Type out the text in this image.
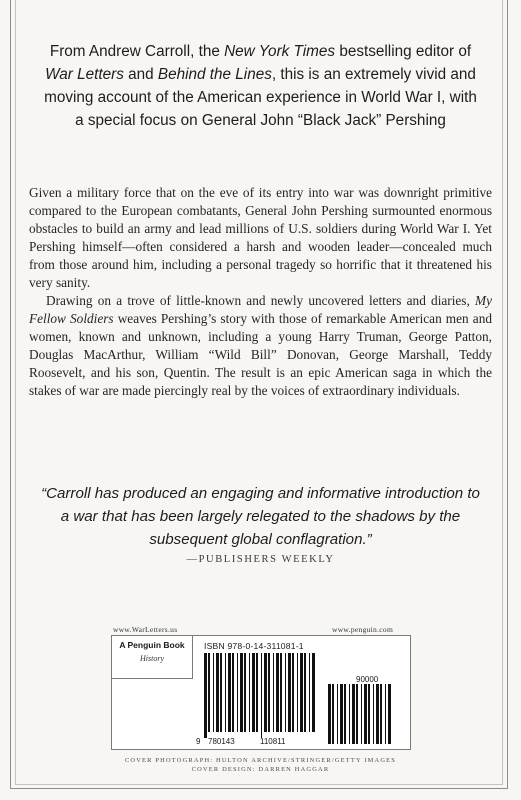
From Andrew Carroll, the New York Times bestselling editor of War Letters and Behind the Lines, this is an extremely vivid and moving account of the American experience in World War I, with a special focus on General John “Black Jack” Pershing

Given a military force that on the eve of its entry into war was downright primitive compared to the European combatants, General John Pershing surmounted enormous obstacles to build an army and lead millions of U.S. soldiers during World War I. Yet Pershing himself—often considered a harsh and wooden leader—concealed much from those around him, including a personal tragedy so horrific that it threatened his very sanity.

Drawing on a trove of little-known and newly uncovered letters and diaries, My Fellow Soldiers weaves Pershing’s story with those of remarkable American men and women, known and unknown, including a young Harry Truman, George Patton, Douglas MacArthur, William “Wild Bill” Donovan, George Marshall, Teddy Roosevelt, and his son, Quentin. The result is an epic American saga in which the stakes of war are made piercingly real by the voices of extraordinary individuals.

“Carroll has produced an engaging and informative introduction to a war that has been largely relegated to the shadows by the subsequent global conflagration.”

—PUBLISHERS WEEKLY
www.WarLetters.us	www.penguin.com
A Penguin Book
History
ISBN 978-0-14-311081-1
9 780143	110811
90000
COVER PHOTOGRAPH: HULTON ARCHIVE/STRINGER/GETTY IMAGES
COVER DESIGN: DARREN HAGGAR
